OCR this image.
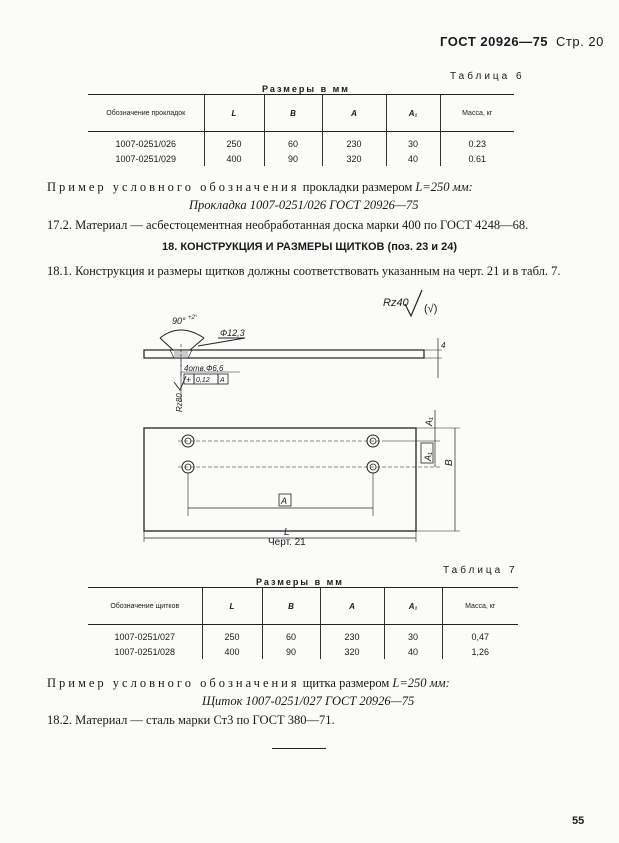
ГОСТ 20926—75 Стр. 20
Таблица 6
Размеры в мм
Обозначение прокладок	L	B	A	A₁	Масса, кг
1007-0251/026	250	60	230	30	0.23
1007-0251/029	400	90	320	40	0.61
Пример условного обозначения прокладки размером L=250 мм:
Прокладка 1007-0251/026 ГОСТ 20926—75
17.2. Материал — асбестоцементная необработанная доска марки 400 по ГОСТ 4248—68.
18. КОНСТРУКЦИЯ И РАЗМЕРЫ ЩИТКОВ (поз. 23 и 24)
18.1. Конструкция и размеры щитков должны соответствовать указанным на черт. 21 и в табл. 7.
Rz40 (√)
90° +2°
Ф12,3
4
4отв.Ф6,6
+ 0,12 A
Rz80
A₁
A₁
B
A
L
Черт. 21
Таблица 7
Размеры в мм
Обозначение щитков	L	B	A	A₁	Масса, кг
1007-0251/027	250	60	230	30	0,47
1007-0251/028	400	90	320	40	1,26
Пример условного обозначения щитка размером L=250 мм:
Щиток 1007-0251/027 ГОСТ 20926—75
18.2. Материал — сталь марки Ст3 по ГОСТ 380—71.
55
